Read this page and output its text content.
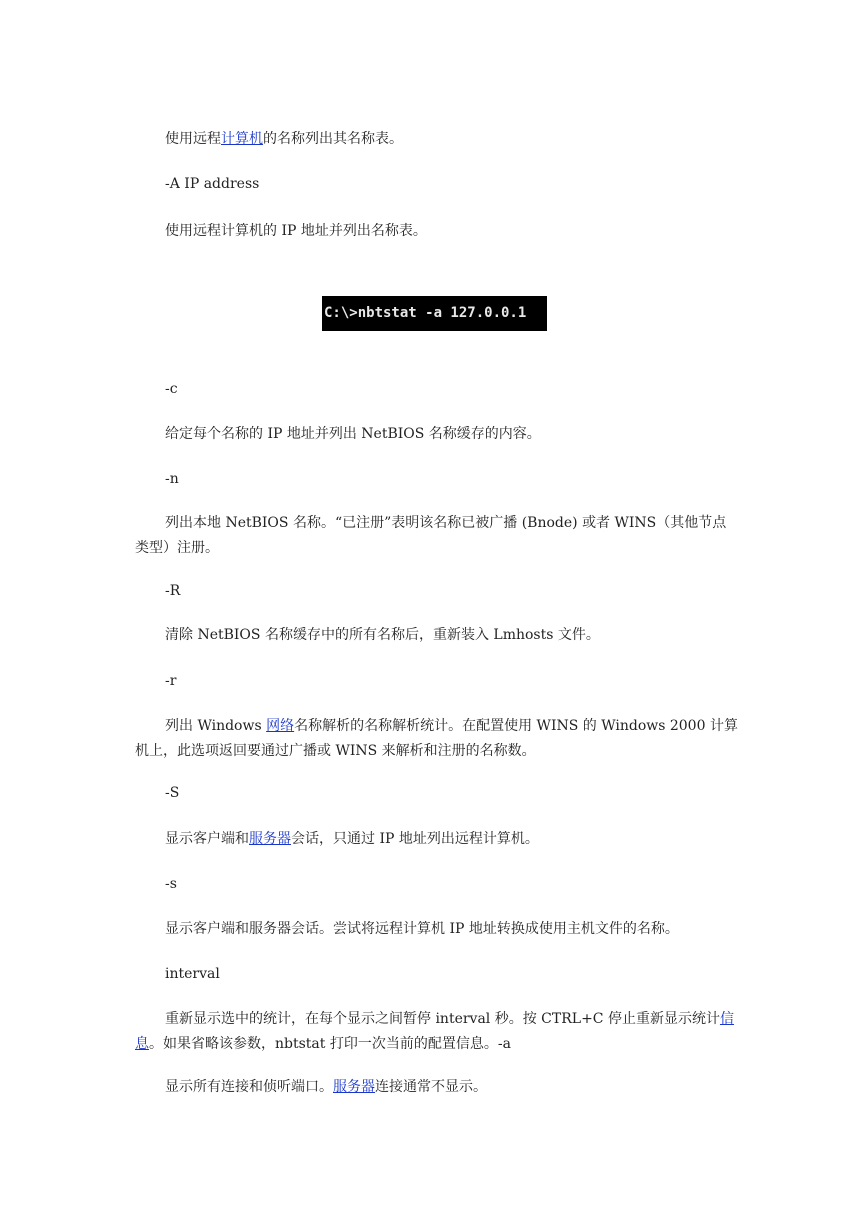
C:\>nbtstat -a 127.0.0.1

使用远程计算机的名称列出其名称表。

-A IP address

使用远程计算机的 IP 地址并列出名称表。

-c

给定每个名称的 IP 地址并列出 NetBIOS 名称缓存的内容。

-n

列出本地 NetBIOS 名称。“已注册”表明该名称已被广播 (Bnode) 或者 WINS（其他节点类型）注册。

-R

清除 NetBIOS 名称缓存中的所有名称后，重新装入 Lmhosts 文件。

-r

列出 Windows 网络名称解析的名称解析统计。在配置使用 WINS 的 Windows 2000 计算机上，此选项返回要通过广播或 WINS 来解析和注册的名称数。

-S

显示客户端和服务器会话，只通过 IP 地址列出远程计算机。

-s

显示客户端和服务器会话。尝试将远程计算机 IP 地址转换成使用主机文件的名称。

interval

重新显示选中的统计，在每个显示之间暂停 interval 秒。按 CTRL+C 停止重新显示统计信息。如果省略该参数，nbtstat 打印一次当前的配置信息。-a

显示所有连接和侦听端口。服务器连接通常不显示。
